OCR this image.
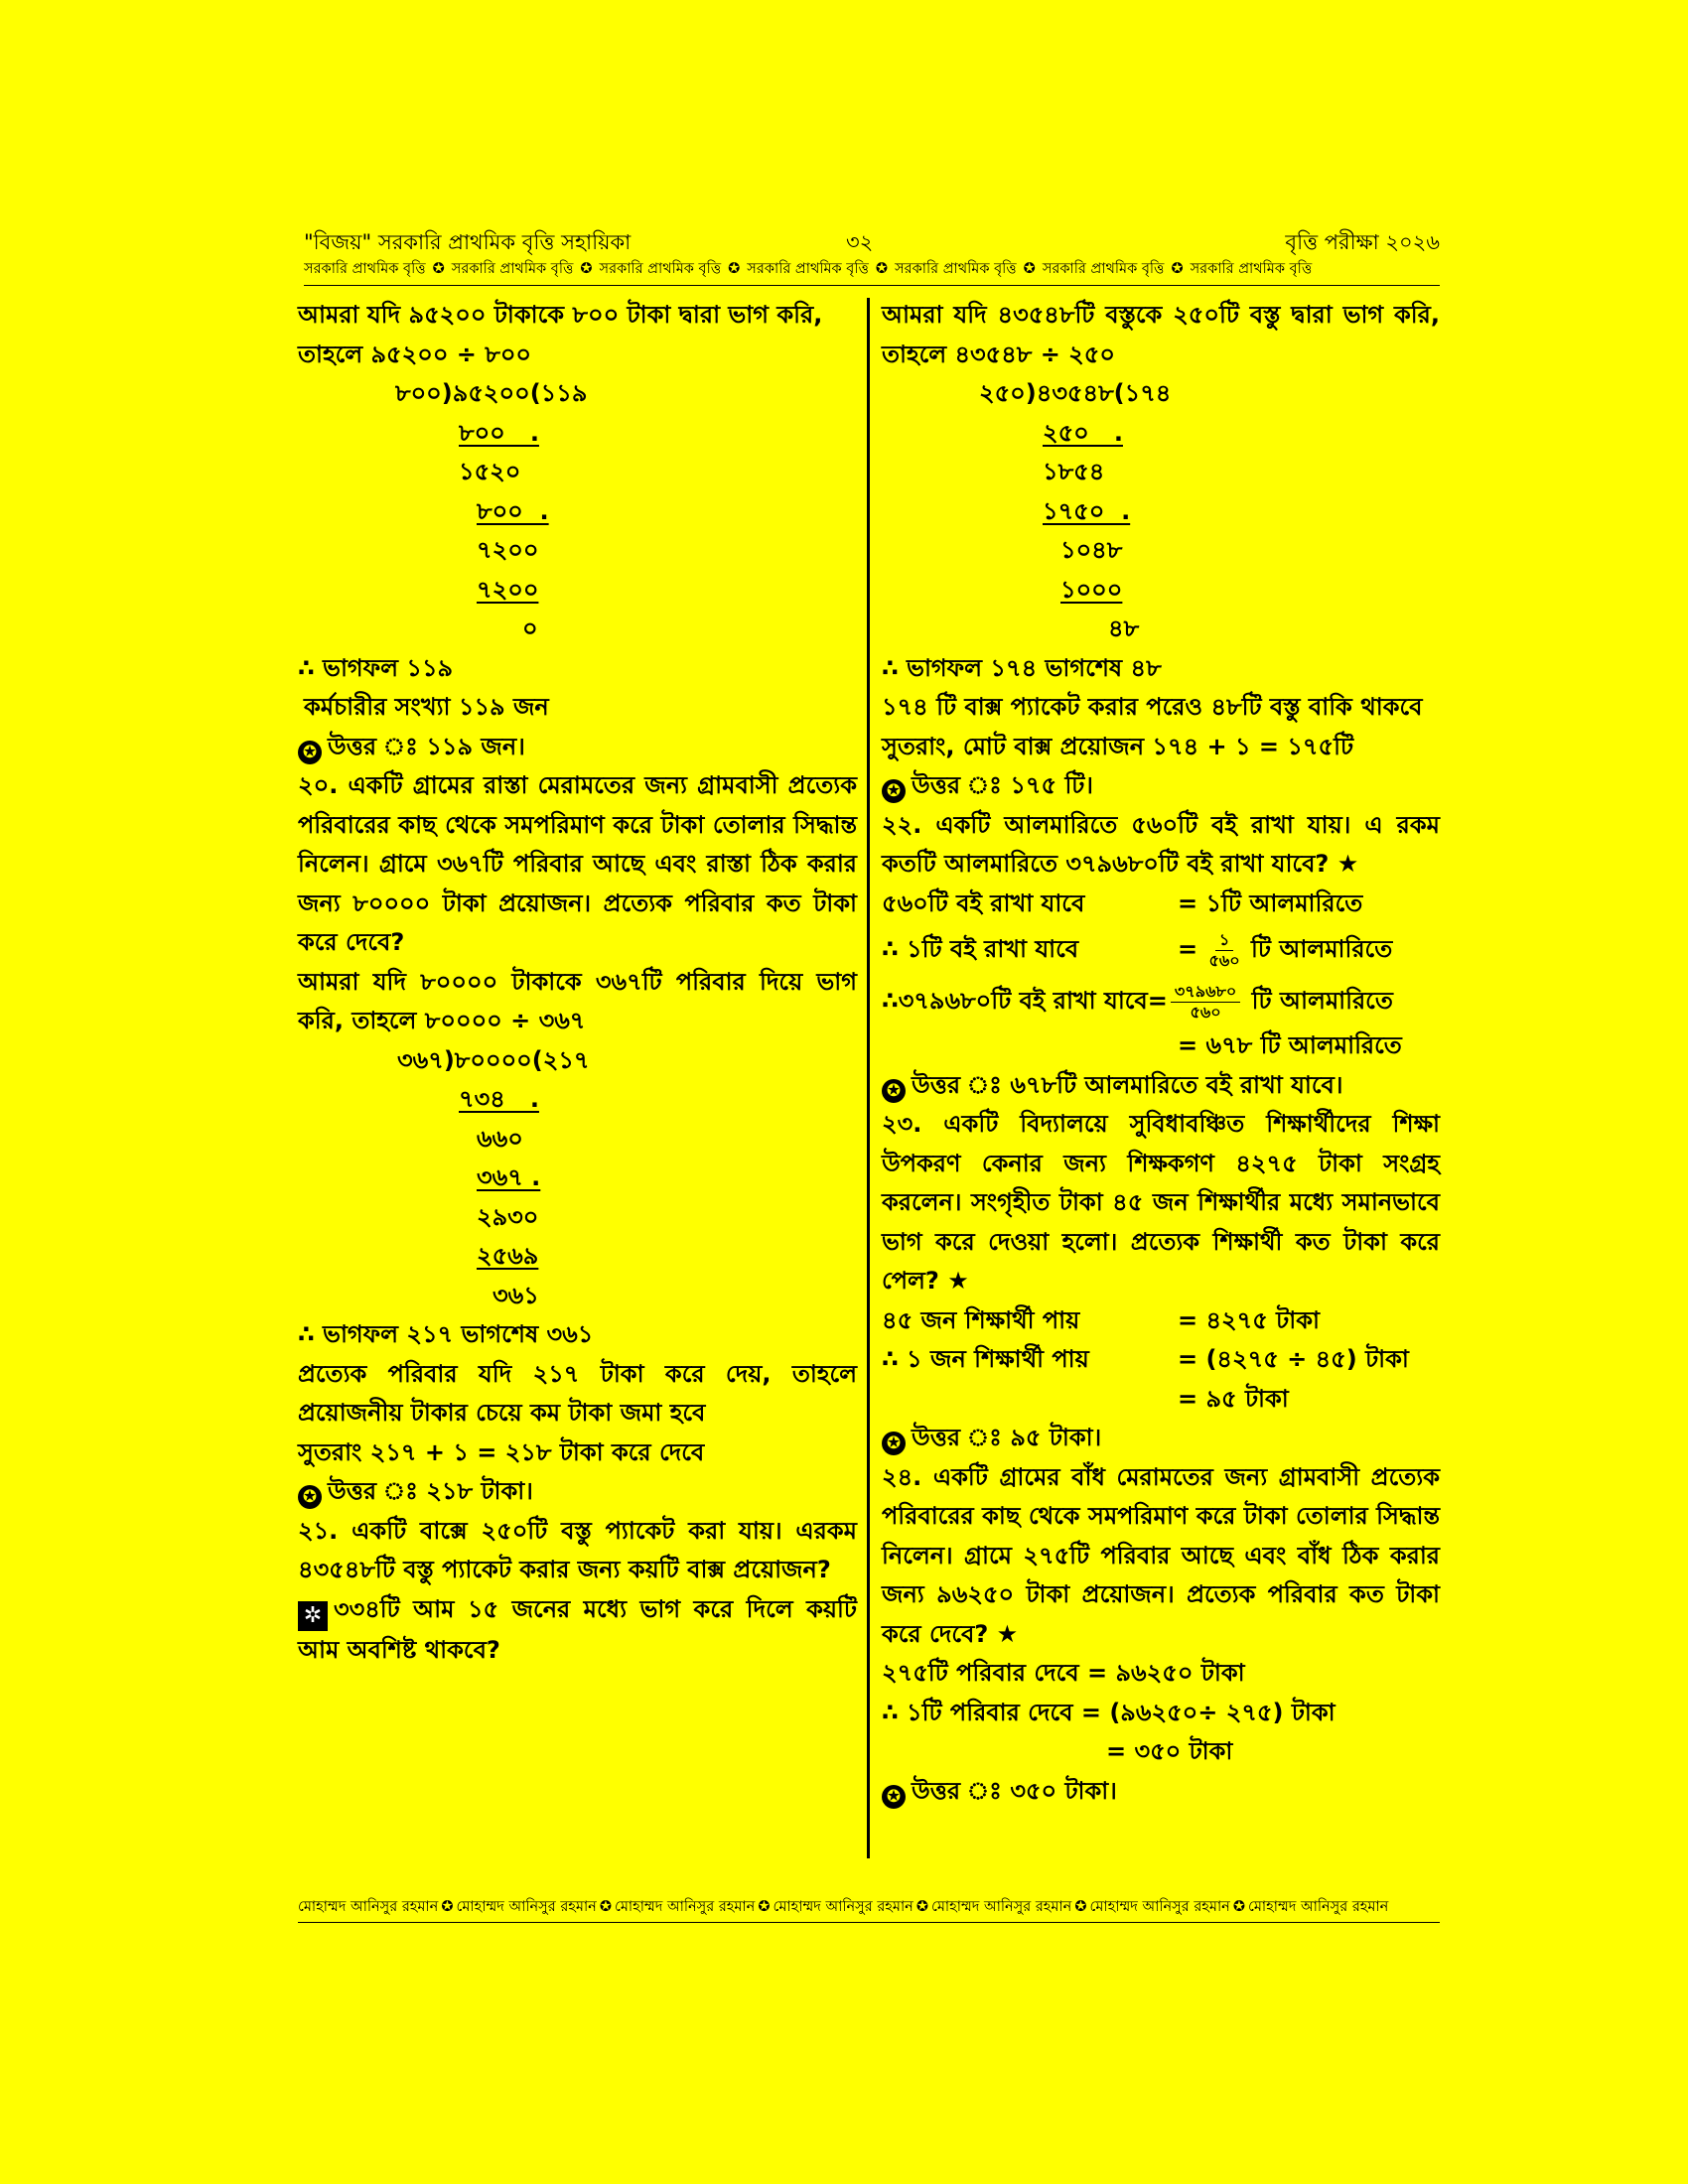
"বিজয়" সরকারি প্রাথমিক বৃত্তি সহায়িকা	৩২	বৃত্তি পরীক্ষা ২০২৬
সরকারি প্রাথমিক বৃত্তি ✪ সরকারি প্রাথমিক বৃত্তি ✪ সরকারি প্রাথমিক বৃত্তি ✪ সরকারি প্রাথমিক বৃত্তি ✪ সরকারি প্রাথমিক বৃত্তি ✪ সরকারি প্রাথমিক বৃত্তি ✪ সরকারি প্রাথমিক বৃত্তি

আমরা যদি ৯৫২০০ টাকাকে ৮০০ টাকা দ্বারা ভাগ করি,

তাহলে ৯৫২০০ ÷ ৮০০

৮০০)৯৫২০০(১১৯

৮০০   .

১৫২০

৮০০  .

৭২০০

৭২০০

০

∴ ভাগফল ১১৯

কর্মচারীর সংখ্যা ১১৯ জন

✪ উত্তর ঃ ১১৯ জন।

২০. একটি গ্রামের রাস্তা মেরামতের জন্য গ্রামবাসী প্রত্যেক পরিবারের কাছ থেকে সমপরিমাণ করে টাকা তোলার সিদ্ধান্ত নিলেন। গ্রামে ৩৬৭টি পরিবার আছে এবং রাস্তা ঠিক করার জন্য ৮০০০০ টাকা প্রয়োজন। প্রত্যেক পরিবার কত টাকা করে দেবে?

আমরা যদি ৮০০০০ টাকাকে ৩৬৭টি পরিবার দিয়ে ভাগ করি, তাহলে ৮০০০০ ÷ ৩৬৭

৩৬৭)৮০০০০(২১৭

৭৩৪   .

৬৬০

৩৬৭ .

২৯৩০

২৫৬৯

৩৬১

∴ ভাগফল ২১৭ ভাগশেষ ৩৬১

প্রত্যেক পরিবার যদি ২১৭ টাকা করে দেয়, তাহলে প্রয়োজনীয় টাকার চেয়ে কম টাকা জমা হবে

সুতরাং ২১৭ + ১ = ২১৮ টাকা করে দেবে

✪ উত্তর ঃ ২১৮ টাকা।

২১. একটি বাক্সে ২৫০টি বস্তু প্যাকেট করা যায়। এরকম ৪৩৫৪৮টি বস্তু প্যাকেট করার জন্য কয়টি বাক্স প্রয়োজন?

✲ ৩৩৪টি আম ১৫ জনের মধ্যে ভাগ করে দিলে কয়টি আম অবশিষ্ট থাকবে?

আমরা যদি ৪৩৫৪৮টি বস্তুকে ২৫০টি বস্তু দ্বারা ভাগ করি, তাহলে ৪৩৫৪৮ ÷ ২৫০

২৫০)৪৩৫৪৮(১৭৪

২৫০   .

১৮৫৪

১৭৫০  .

১০৪৮

১০০০

৪৮

∴ ভাগফল ১৭৪ ভাগশেষ ৪৮

১৭৪ টি বাক্স প্যাকেট করার পরেও ৪৮টি বস্তু বাকি থাকবে

সুতরাং, মোট বাক্স প্রয়োজন ১৭৪ + ১ = ১৭৫টি

✪ উত্তর ঃ ১৭৫ টি।

২২. একটি আলমারিতে ৫৬০টি বই রাখা যায়। এ রকম কতটি আলমারিতে ৩৭৯৬৮০টি বই রাখা যাবে? ★

৫৬০টি বই রাখা যাবে	= ১টি আলমারিতে

∴ ১টি বই রাখা যাবে	= $\frac{১}{৫৬০}$ টি আলমারিতে

∴৩৭৯৬৮০টি বই রাখা যাবে= $\frac{৩৭৯৬৮০}{৫৬০}$ টি আলমারিতে

= ৬৭৮ টি আলমারিতে

✪ উত্তর ঃ ৬৭৮টি আলমারিতে বই রাখা যাবে।

২৩. একটি বিদ্যালয়ে সুবিধাবঞ্চিত শিক্ষার্থীদের শিক্ষা উপকরণ কেনার জন্য শিক্ষকগণ ৪২৭৫ টাকা সংগ্রহ করলেন। সংগৃহীত টাকা ৪৫ জন শিক্ষার্থীর মধ্যে সমানভাবে ভাগ করে দেওয়া হলো। প্রত্যেক শিক্ষার্থী কত টাকা করে পেল? ★

৪৫ জন শিক্ষার্থী পায়	= ৪২৭৫ টাকা

∴ ১ জন শিক্ষার্থী পায়	= (৪২৭৫ ÷ ৪৫) টাকা

= ৯৫ টাকা

✪ উত্তর ঃ ৯৫ টাকা।

২৪. একটি গ্রামের বাঁধ মেরামতের জন্য গ্রামবাসী প্রত্যেক পরিবারের কাছ থেকে সমপরিমাণ করে টাকা তোলার সিদ্ধান্ত নিলেন। গ্রামে ২৭৫টি পরিবার আছে এবং বাঁধ ঠিক করার জন্য ৯৬২৫০ টাকা প্রয়োজন। প্রত্যেক পরিবার কত টাকা করে দেবে? ★

২৭৫টি পরিবার দেবে = ৯৬২৫০ টাকা

∴ ১টি পরিবার দেবে = (৯৬২৫০÷ ২৭৫) টাকা

= ৩৫০ টাকা

✪ উত্তর ঃ ৩৫০ টাকা।

মোহাম্মদ আনিসুর রহমান ✪ মোহাম্মদ আনিসুর রহমান ✪ মোহাম্মদ আনিসুর রহমান ✪ মোহাম্মদ আনিসুর রহমান ✪ মোহাম্মদ আনিসুর রহমান ✪ মোহাম্মদ আনিসুর রহমান ✪ মোহাম্মদ আনিসুর রহমান
